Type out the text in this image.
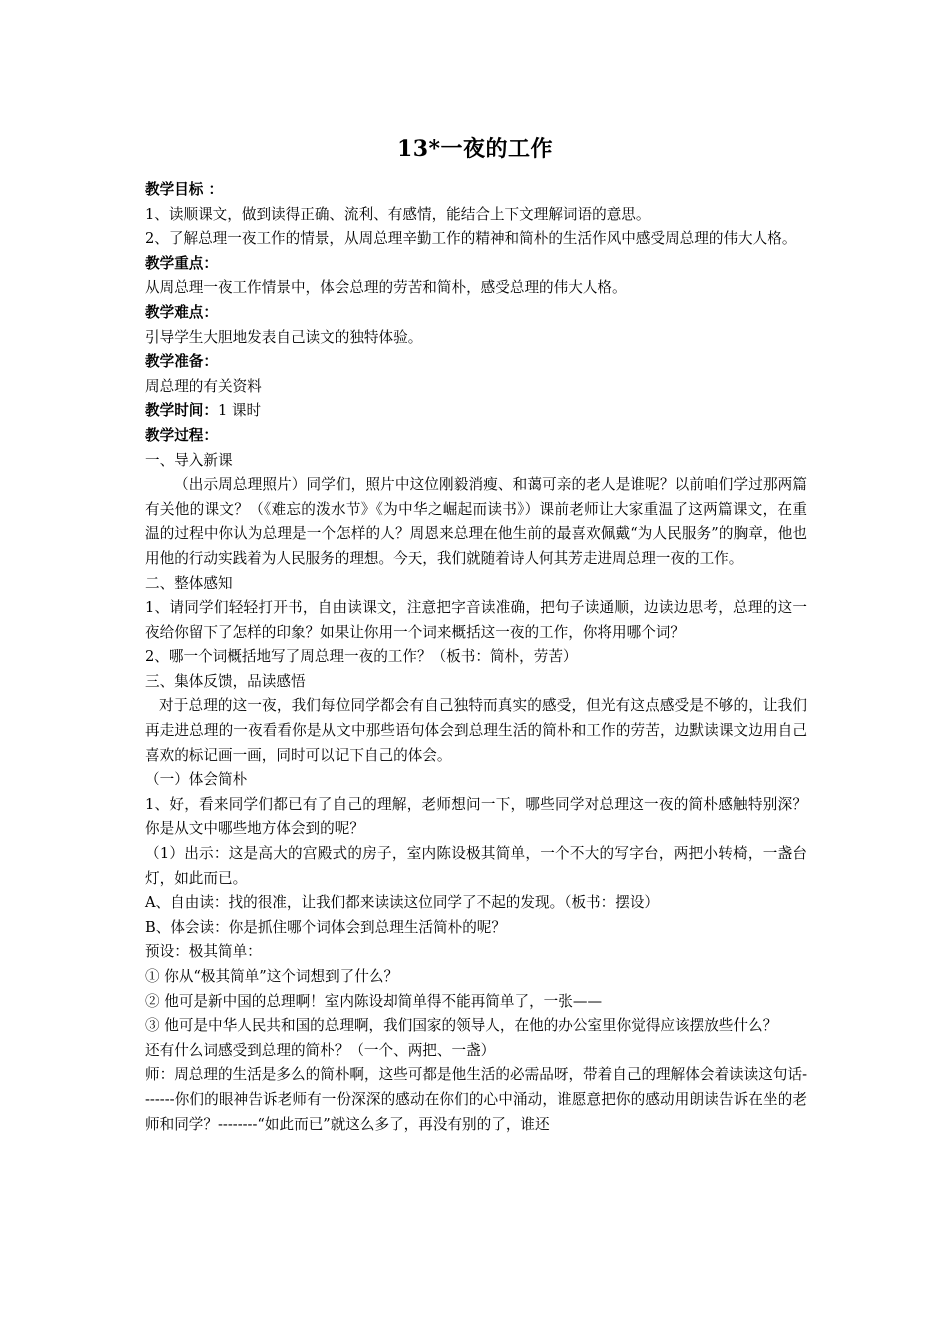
13*一夜的工作

教学目标 ：

1、读顺课文，做到读得正确、流利、有感情，能结合上下文理解词语的意思。

2、了解总理一夜工作的情景，从周总理辛勤工作的精神和简朴的生活作风中感受周总理的伟大人格。

教学重点：

从周总理一夜工作情景中，体会总理的劳苦和简朴，感受总理的伟大人格。

教学难点：

引导学生大胆地发表自己读文的独特体验。

教学准备：

周总理的有关资料

教学时间：1 课时

教学过程：

一、导入新课

（出示周总理照片）同学们，照片中这位刚毅消瘦、和蔼可亲的老人是谁呢？以前咱们学过那两篇有关他的课文？（《难忘的泼水节》《为中华之崛起而读书》）课前老师让大家重温了这两篇课文，在重温的过程中你认为总理是一个怎样的人？周恩来总理在他生前的最喜欢佩戴“为人民服务”的胸章，他也用他的行动实践着为人民服务的理想。今天，我们就随着诗人何其芳走进周总理一夜的工作。

二、整体感知

1、请同学们轻轻打开书，自由读课文，注意把字音读准确，把句子读通顺，边读边思考，总理的这一夜给你留下了怎样的印象？如果让你用一个词来概括这一夜的工作，你将用哪个词？

2、哪一个词概括地写了周总理一夜的工作？（板书：简朴，劳苦）

三、集体反馈，品读感悟

对于总理的这一夜，我们每位同学都会有自己独特而真实的感受，但光有这点感受是不够的，让我们再走进总理的一夜看看你是从文中那些语句体会到总理生活的简朴和工作的劳苦，边默读课文边用自己喜欢的标记画一画，同时可以记下自己的体会。

（一）体会简朴

1、好，看来同学们都已有了自己的理解，老师想问一下，哪些同学对总理这一夜的简朴感触特别深？你是从文中哪些地方体会到的呢？

（1）出示：这是高大的宫殿式的房子，室内陈设极其简单，一个不大的写字台，两把小转椅，一盏台灯，如此而已。

A、自由读：找的很准，让我们都来读读这位同学了不起的发现。（板书：摆设）

B、体会读：你是抓住哪个词体会到总理生活简朴的呢？

预设：极其简单：

① 你从“极其简单”这个词想到了什么？

② 他可是新中国的总理啊！室内陈设却简单得不能再简单了，一张——

③ 他可是中华人民共和国的总理啊，我们国家的领导人，在他的办公室里你觉得应该摆放些什么？

还有什么词感受到总理的简朴？（一个、两把、一盏）

师：周总理的生活是多么的简朴啊，这些可都是他生活的必需品呀，带着自己的理解体会着读读这句话-------你们的眼神告诉老师有一份深深的感动在你们的心中涌动，谁愿意把你的感动用朗读告诉在坐的老师和同学？--------“如此而已”就这么多了，再没有别的了，谁还
